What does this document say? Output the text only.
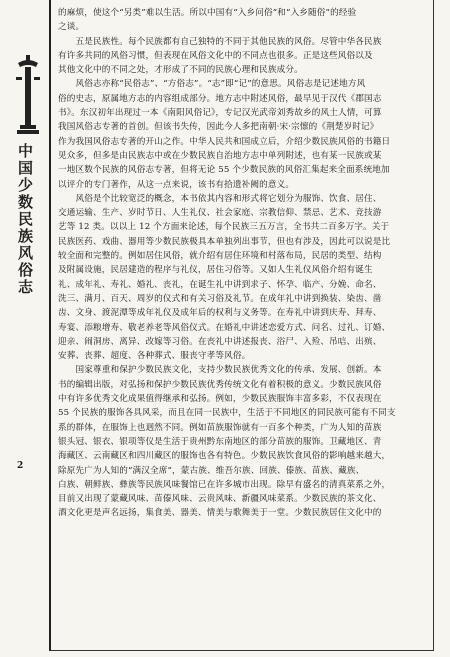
中国少数民族风俗志
2
的麻烦，使这个“另类”难以生活。所以中国有“入乡问俗”和“入乡随俗”的经验
之谈。
　　五是民族性。每个民族都有自己独特的不同于其他民族的风俗。尽管中华各民族
有许多共同的风俗习惯，但表现在风俗文化中的不同点也很多。正是这些风俗以及
其他文化中的不同之处，才形成了不同的民族心理和民族成分。
　　风俗志亦称“民俗志”、“方俗志”。“志”即“记”的意思。风俗志是记述地方风
俗的史志，原属地方志的内容组成部分。地方志中附述风俗，最早见于汉代《郡国志
书》。东汉初年出现过一本《南阳风俗记》，专记汉光武帝刘秀故乡的风土人情，可算
我国风俗志专著的首创。但该书失传，因此今人多把南朝·宋·宗懔的《荆楚岁时记》
作为我国风俗志专著的开山之作。中华人民共和国成立后，介绍少数民族风俗的书籍日
见众多，但多是由民族志中或在少数民族自治地方志中单列附述，也有某一民族或某
一地区数个民族的风俗志专著，但将无论 55 个少数民族的风俗汇集起来全面系统地加
以评介的专门著作，从这一点来说，该书有拾遗补阙的意义。
　　风俗是个比较宽泛的概念，本书依其内容和形式将它划分为服饰、饮食、居住、
交通运输、生产、岁时节日、人生礼仪、社会家庭、宗教信仰、禁忌、艺术、竞技游
艺等 12 类。以以上 12 个方面来论述，每个民族三五万言，全书共二百多万字。关于
民族医药、戏曲、器用等少数民族极具本单独列出事节，但也有涉及，因此可以说是比
较全面和完整的。例如居住风俗，就介绍有居住环境和村落布局，民居的类型、结构
及附属设施，民居建造的程序与礼仪，居住习俗等。又如人生礼仪风俗介绍有诞生
礼、成年礼、寿礼、婚礼、丧礼，在诞生礼中讲到求子、怀孕、临产、分娩、命名、
洗三、满月、百天、周岁的仪式和有关习俗及礼节。在成年礼中讲到换装、染齿、凿
齿、文身、渡泥潭等成年礼仪及成年后的权利与义务等。在寿礼中讲到庆寿、拜寿、
寿宴、添粮增寿、敬老养老等风俗仪式。在婚礼中讲述恋爱方式、问名、过礼、订婚、
迎亲、闹洞房、离异、改嫁等习俗。在丧礼中讲述报丧、浴尸、入殓、吊唁、出殡、
安葬、丧葬、超度、各种葬式、服丧守孝等风俗。
　　国家尊重和保护少数民族文化，支持少数民族优秀文化的传承、发展、创新。本
书的编辑出版，对弘扬和保护少数民族优秀传统文化有着积极的意义。少数民族风俗
中有许多优秀文化成果值得继承和弘扬。例如，少数民族服饰丰富多彩，不仅表现在
55 个民族的服饰各具风采，而且在同一民族中，生活于不同地区的同民族可能有不同支
系的群体，在服饰上也迥然不同。例如苗族服饰就有一百多个种类，广为人知的苗族
银头冠、银衣、银项等仪是生活于贵州黔东南地区的部分苗族的服饰。卫藏地区、青
海藏区、云南藏区和四川藏区的服饰也各有特色。少数民族饮食风俗的影响越来越大，
除原先广为人知的“满汉全席”，蒙古族、维吾尔族、回族、傣族、苗族、藏族、
白族、朝鲜族、彝族等民族风味餐馆已在许多城市出现。除早有盛名的清真菜系之外，
目前又出现了蒙藏风味、苗傣风味、云贵风味、新疆风味菜系。少数民族的茶文化、
酒文化更是声名远扬，集食美、器美、情美与歌舞美于一堂。少数民族居住文化中的
